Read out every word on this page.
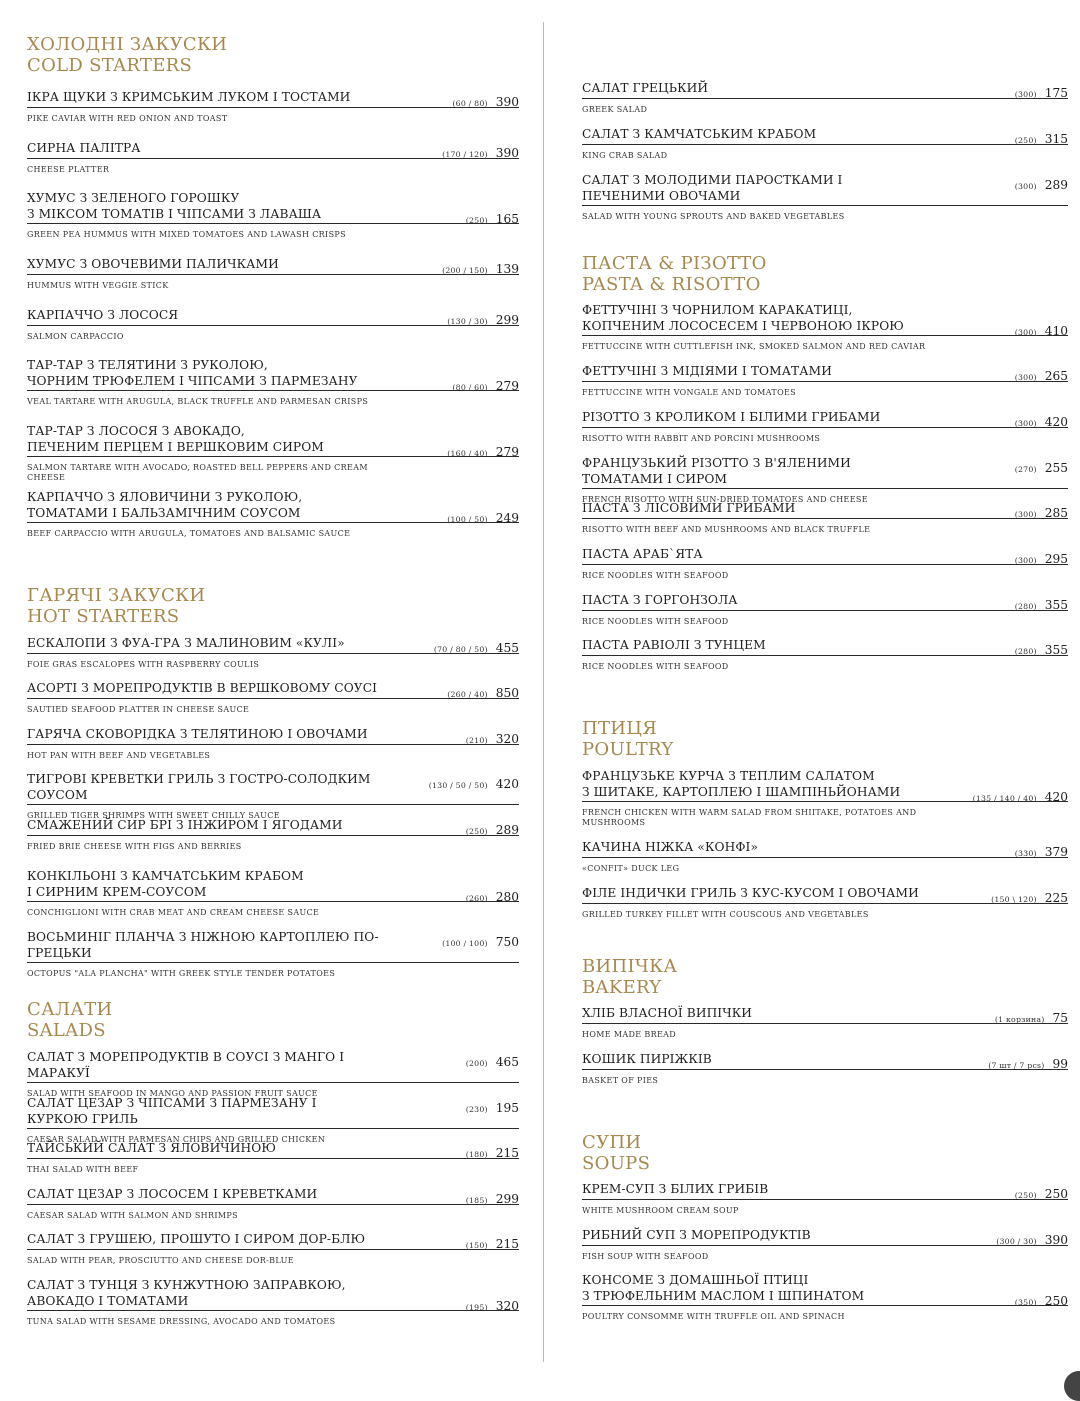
ХОЛОДНІ ЗАКУСКИ
COLD STARTERS
ІКРА ЩУКИ З КРИМСЬКИМ ЛУКОМ І ТОСТАМИ	(60 / 80) 390
PIKE CAVIAR WITH RED ONION AND TOAST
СИРНА ПАЛІТРА	(170 / 120) 390
CHEESE PLATTER
ХУМУС З ЗЕЛЕНОГО ГОРОШКУ
З МІКСОМ ТОМАТІВ І ЧІПСАМИ З ЛАВАША	(250) 165
GREEN PEA HUMMUS WITH MIXED TOMATOES AND LAWASH CRISPS
ХУМУС З ОВОЧЕВИМИ ПАЛИЧКАМИ	(200 / 150) 139
HUMMUS WITH VEGGIE STICK
КАРПАЧЧО З ЛОСОСЯ	(130 / 30) 299
SALMON CARPACCIO
ТАР-ТАР З ТЕЛЯТИНИ З РУКОЛОЮ,
ЧОРНИМ ТРЮФЕЛЕМ І ЧІПСАМИ З ПАРМЕЗАНУ	(80 / 60) 279
VEAL TARTARE WITH ARUGULA, BLACK TRUFFLE AND PARMESAN CRISPS
ТАР-ТАР З ЛОСОСЯ З АВОКАДО,
ПЕЧЕНИМ ПЕРЦЕМ І ВЕРШКОВИМ СИРОМ	(160 / 40) 279
SALMON TARTARE WITH AVOCADO, ROASTED BELL PEPPERS AND CREAM CHEESE
КАРПАЧЧО З ЯЛОВИЧИНИ З РУКОЛОЮ,
ТОМАТАМИ І БАЛЬЗАМІЧНИМ СОУСОМ	(100 / 50) 249
BEEF CARPACCIO WITH ARUGULA, TOMATOES AND BALSAMIC SAUCE
ГАРЯЧІ ЗАКУСКИ
HOT STARTERS
ЕСКАЛОПИ З ФУА-ГРА З МАЛИНОВИМ «КУЛІ»	(70 / 80 / 50) 455
FOIE GRAS ESCALOPES WITH RASPBERRY COULIS
АСОРТІ З МОРЕПРОДУКТІВ В ВЕРШКОВОМУ СОУСІ	(260 / 40) 850
SAUTIED SEAFOOD PLATTER IN CHEESE SAUCE
ГАРЯЧА СКОВОРІДКА З ТЕЛЯТИНОЮ І ОВОЧАМИ	(210) 320
HOT PAN WITH BEEF AND VEGETABLES
ТИГРОВІ КРЕВЕТКИ ГРИЛЬ З ГОСТРО-СОЛОДКИМ СОУСОМ
(130 / 50 / 50) 420
GRILLED TIGER SHRIMPS WITH SWEET CHILLY SAUCE
СМАЖЕНИЙ СИР БРІ З ІНЖИРОМ І ЯГОДАМИ	(250) 289
FRIED BRIE CHEESE WITH FIGS AND BERRIES
КОНКІЛЬОНІ З КАМЧАТСЬКИМ КРАБОМ
І СИРНИМ КРЕМ-СОУСОМ	(260) 280
CONCHIGLIONI WITH CRAB MEAT AND CREAM CHEESE SAUCE
ВОСЬМИНІГ ПЛАНЧА З НІЖНОЮ КАРТОПЛЕЮ ПО-ГРЕЦЬКИ
(100 / 100) 750
OCTOPUS "ALA PLANCHA" WITH GREEK STYLE TENDER POTATOES
САЛАТИ
SALADS
САЛАТ З МОРЕПРОДУКТІВ В СОУСІ З МАНГО І МАРАКУЇ
(200) 465
SALAD WITH SEAFOOD IN MANGO AND PASSION FRUIT SAUCE
САЛАТ ЦЕЗАР З ЧІПСАМИ З ПАРМЕЗАНУ І КУРКОЮ ГРИЛЬ
(230) 195
CAESAR SALAD WITH PARMESAN CHIPS AND GRILLED CHICKEN
ТАЙСЬКИЙ САЛАТ З ЯЛОВИЧИНОЮ	(180) 215
THAI SALAD WITH BEEF
САЛАТ ЦЕЗАР З ЛОСОСЕМ І КРЕВЕТКАМИ	(185) 299
CAESAR SALAD WITH SALMON AND SHRIMPS
САЛАТ З ГРУШЕЮ, ПРОШУТО І СИРОМ ДОР-БЛЮ	(150) 215
SALAD WITH PEAR, PROSCIUTTO AND CHEESE DOR-BLUE
САЛАТ З ТУНЦЯ З КУНЖУТНОЮ ЗАПРАВКОЮ,
АВОКАДО І ТОМАТАМИ	(195) 320
TUNA SALAD WITH SESAME DRESSING, AVOCADO AND TOMATOES
САЛАТ ГРЕЦЬКИЙ	(300) 175
GREEK SALAD
САЛАТ З КАМЧАТСЬКИМ КРАБОМ	(250) 315
KING CRAB SALAD
САЛАТ З МОЛОДИМИ ПАРОСТКАМИ І ПЕЧЕНИМИ ОВОЧАМИ
(300) 289
SALAD WITH YOUNG SPROUTS AND BAKED VEGETABLES
ПАСТА & РІЗОТТО
PASTA & RISOTTO
ФЕТТУЧІНІ З ЧОРНИЛОМ КАРАКАТИЦІ,
КОПЧЕНИМ ЛОСОСЕСЕМ І ЧЕРВОНОЮ ІКРОЮ	(300) 410
FETTUCCINE WITH CUTTLEFISH INK, SMOKED SALMON AND RED CAVIAR
ФЕТТУЧІНІ З МІДІЯМИ І ТОМАТАМИ	(300) 265
FETTUCCINE WITH VONGALE AND TOMATOES
РІЗОТТО З КРОЛИКОМ І БІЛИМИ ГРИБАМИ	(300) 420
RISOTTO WITH RABBIT AND PORCINI MUSHROOMS
ФРАНЦУЗЬКИЙ РІЗОТТО З В'ЯЛЕНИМИ ТОМАТАМИ І СИРОМ
(270) 255
FRENCH RISOTTO WITH SUN-DRIED TOMATOES AND CHEESE
ПАСТА З ЛІСОВИМИ ГРИБАМИ	(300) 285
RISOTTO WITH BEEF AND MUSHROOMS AND BLACK TRUFFLE
ПАСТА АРАБ`ЯТА	(300) 295
RICE NOODLES WITH SEAFOOD
ПАСТА З ГОРГОНЗОЛА	(280) 355
RICE NOODLES WITH SEAFOOD
ПАСТА РАВІОЛІ З ТУНЦЕМ	(280) 355
RICE NOODLES WITH SEAFOOD
ПТИЦЯ
POULTRY
ФРАНЦУЗЬКЕ КУРЧА З ТЕПЛИМ САЛАТОМ
З ШИТАКЕ, КАРТОПЛЕЮ І ШАМПІНЬЙОНАМИ	(135 / 140 / 40) 420
FRENCH CHICKEN WITH WARM SALAD FROM SHIITAKE, POTATOES AND MUSHROOMS
КАЧИНА НІЖКА «КОНФІ»	(330) 379
«CONFIT» DUCK LEG
ФІЛЕ ІНДИЧКИ ГРИЛЬ З КУС-КУСОМ І ОВОЧАМИ	(150 \ 120) 225
GRILLED TURKEY FILLET WITH COUSCOUS AND VEGETABLES
ВИПІЧКА
BAKERY
ХЛІБ ВЛАСНОЇ ВИПІЧКИ	(1 корзина) 75
HOME MADE BREAD
КОШИК ПИРІЖКІВ	(7 шт / 7 pcs) 99
BASKET OF PIES
СУПИ
SOUPS
КРЕМ-СУП З БІЛИХ ГРИБІВ	(250) 250
WHITE MUSHROOM CREAM SOUP
РИБНИЙ СУП З МОРЕПРОДУКТІВ	(300 / 30) 390
FISH SOUP WITH SEAFOOD
КОНСОМЕ З ДОМАШНЬОЇ ПТИЦІ
З ТРЮФЕЛЬНИМ МАСЛОМ І ШПИНАТОМ	(350) 250
POULTRY CONSOMME WITH TRUFFLE OIL AND SPINACH
